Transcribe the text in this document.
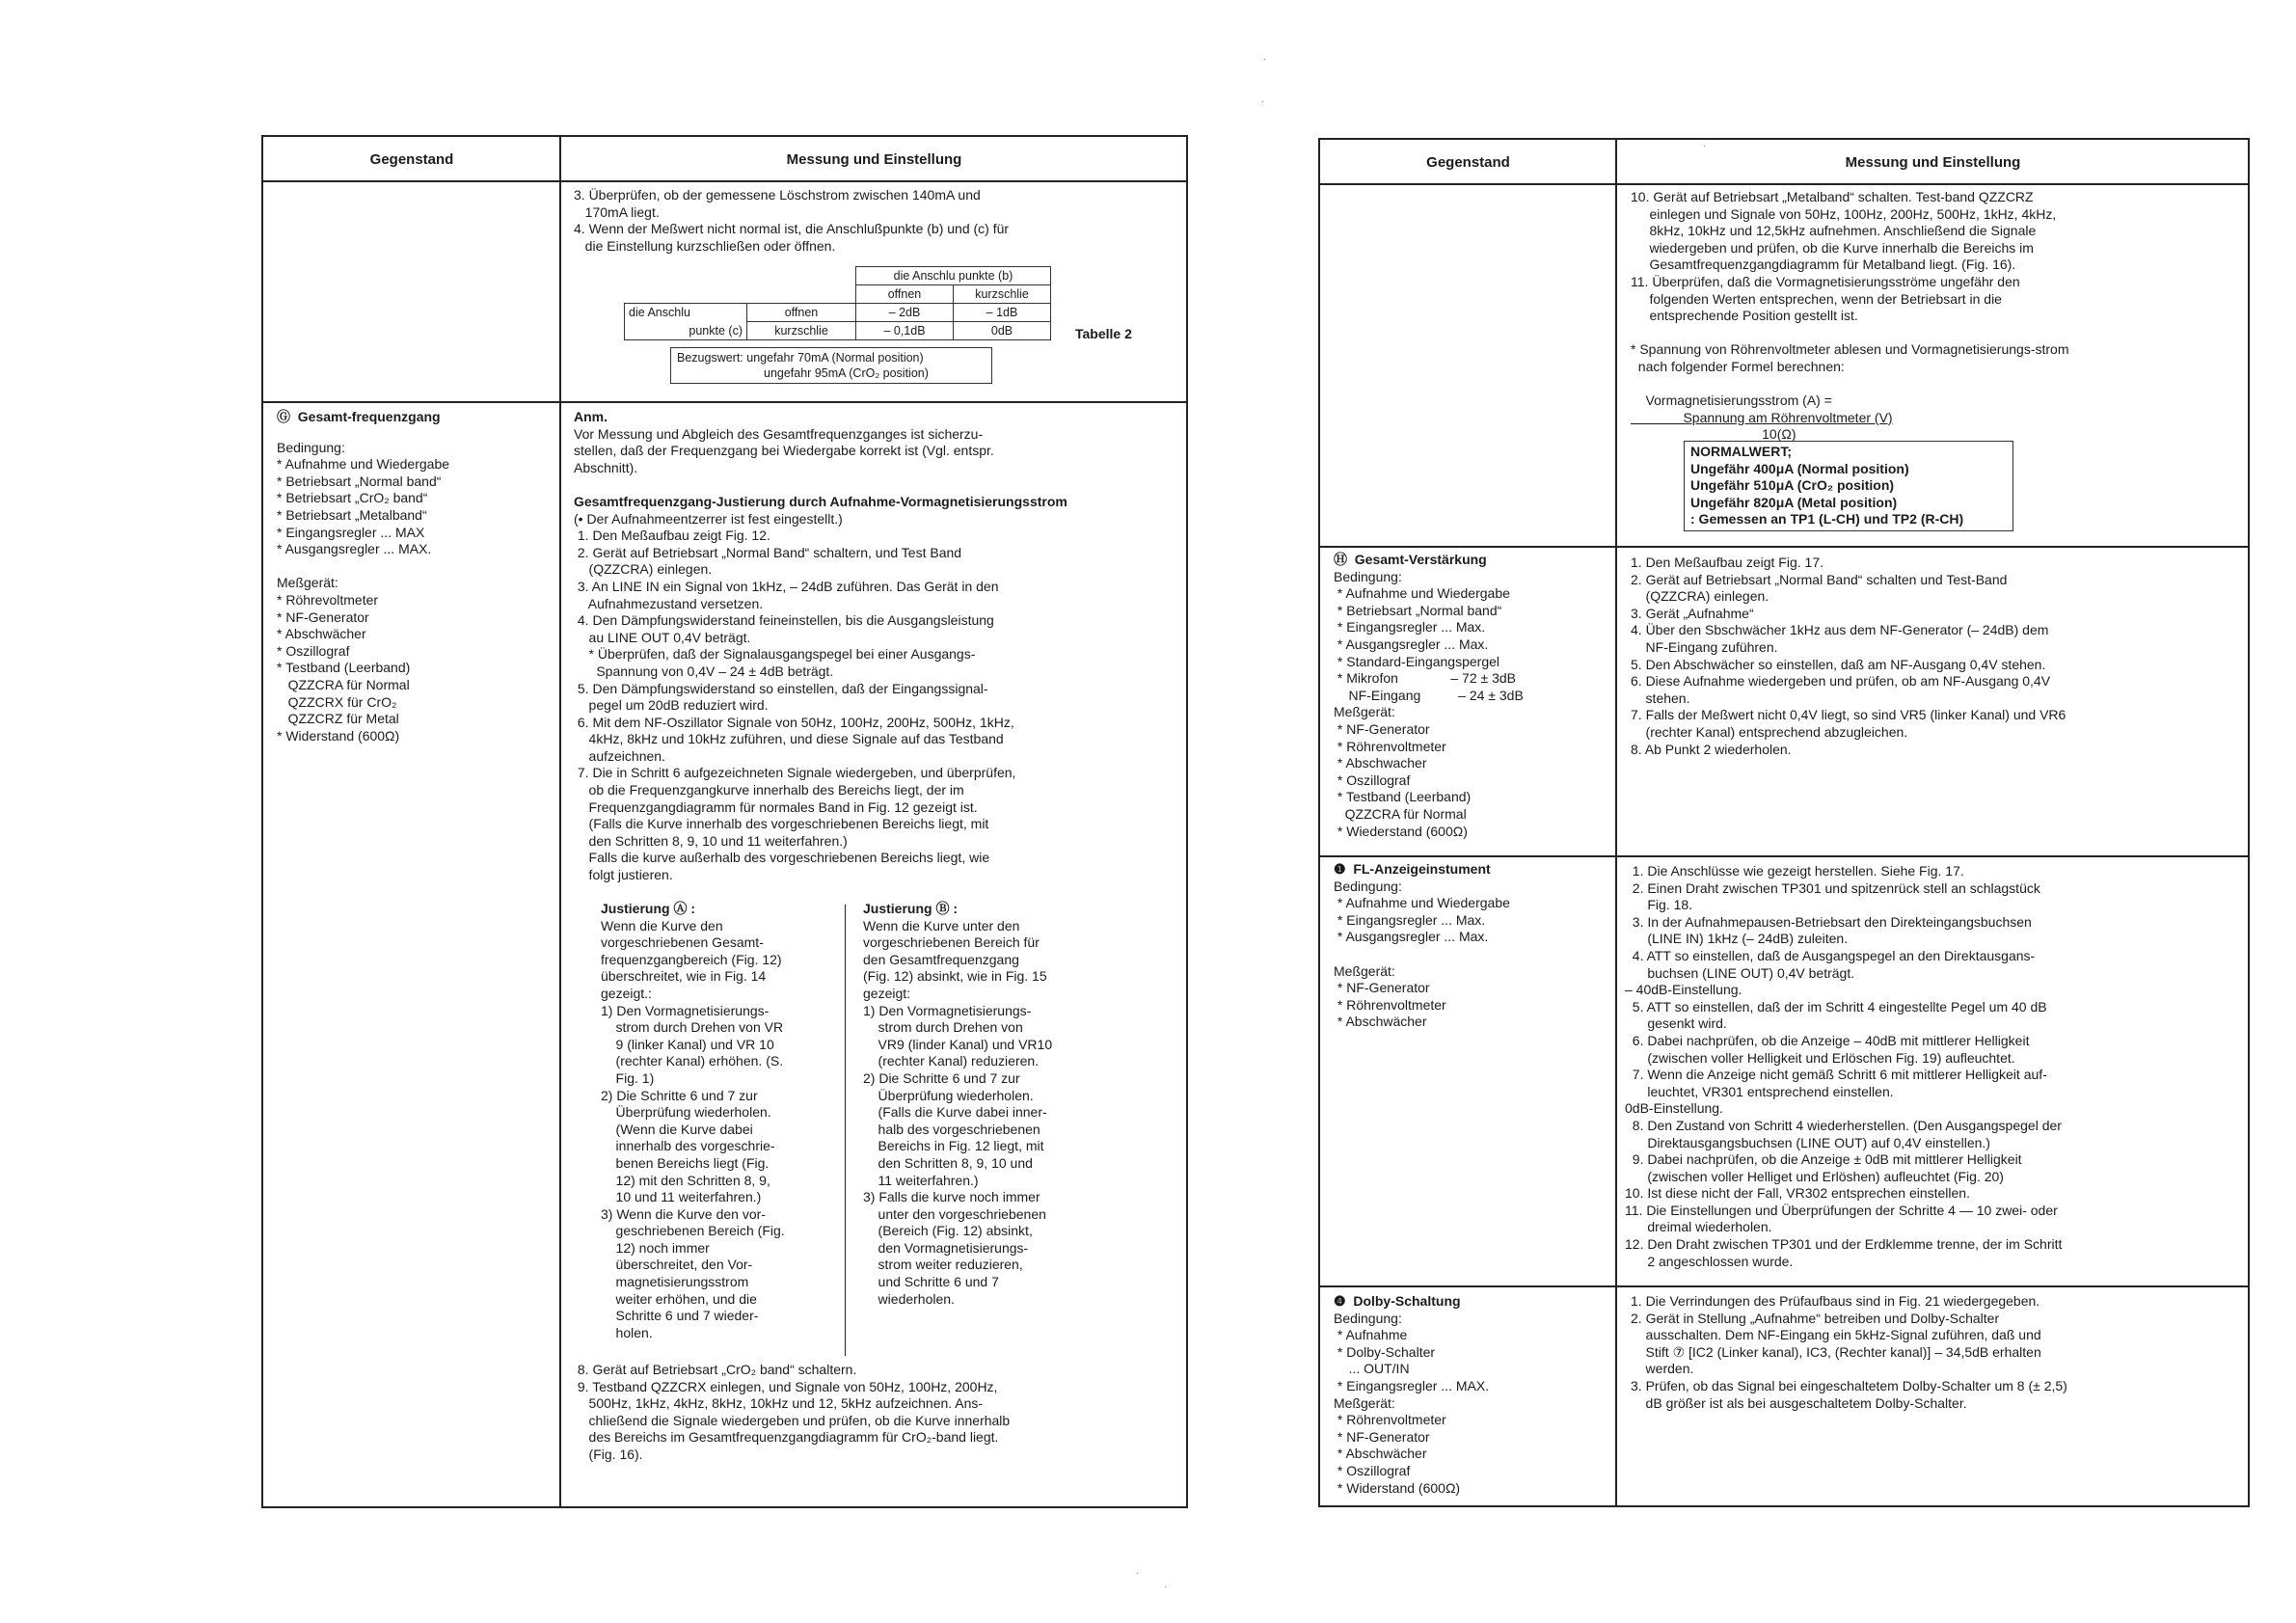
Gegenstand	Messung und Einstellung
3. Überprüfen, ob der gemessene Löschstrom zwischen 140mA und
170mA liegt.
4. Wenn der Meßwert nicht normal ist, die Anschlußpunkte (b) und (c) für
die Einstellung kurzschließen oder öffnen.
		die Anschlu punkte (b)	
		offnen	kurzschlie
die Anschlu	offnen	– 2dB	– 1dB
punkte (c)	kurzschlie	– 0,1dB	0dB	Tabelle 2
Bezugswert: ungefahr 70mA (Normal position)
ungefahr 95mA (CrO₂ position)
Ⓖ  Gesamt-frequenzgang
Bedingung:
* Aufnahme und Wiedergabe
* Betriebsart „Normal band“
* Betriebsart „CrO₂ band“
* Betriebsart „Metalband“
* Eingangsregler ... MAX
* Ausgangsregler ... MAX.

Meßgerät:
* Röhrevoltmeter
* NF-Generator
* Abschwächer
* Oszillograf
* Testband (Leerband)
QZZCRA für Normal
QZZCRX für CrO₂
QZZCRZ für Metal
* Widerstand (600Ω)
Anm.
Vor Messung und Abgleich des Gesamtfrequenzganges ist sicherzu-
stellen, daß der Frequenzgang bei Wiedergabe korrekt ist (Vgl. entspr.
Abschnitt).

Gesamtfrequenzgang-Justierung durch Aufnahme-Vormagnetisierungsstrom
(• Der Aufnahmeentzerrer ist fest eingestellt.)
1. Den Meßaufbau zeigt Fig. 12.
2. Gerät auf Betriebsart „Normal Band“ schaltern, und Test Band
(QZZCRA) einlegen.
3. An LINE IN ein Signal von 1kHz, – 24dB zuführen. Das Gerät in den
Aufnahmezustand versetzen.
4. Den Dämpfungswiderstand feineinstellen, bis die Ausgangsleistung
au LINE OUT 0,4V beträgt.
* Überprüfen, daß der Signalausgangspegel bei einer Ausgangs-
Spannung von 0,4V – 24 ± 4dB beträgt.
5. Den Dämpfungswiderstand so einstellen, daß der Eingangssignal-
pegel um 20dB reduziert wird.
6. Mit dem NF-Oszillator Signale von 50Hz, 100Hz, 200Hz, 500Hz, 1kHz,
4kHz, 8kHz und 10kHz zuführen, und diese Signale auf das Testband
aufzeichnen.
7. Die in Schritt 6 aufgezeichneten Signale wiedergeben, und überprüfen,
ob die Frequenzgangkurve innerhalb des Bereichs liegt, der im
Frequenzgangdiagramm für normales Band in Fig. 12 gezeigt ist.
(Falls die Kurve innerhalb des vorgeschriebenen Bereichs liegt, mit
den Schritten 8, 9, 10 und 11 weiterfahren.)
Falls die kurve außerhalb des vorgeschriebenen Bereichs liegt, wie
folgt justieren.
Justierung Ⓐ :
Wenn die Kurve den
vorgeschriebenen Gesamt-
frequenzgangbereich (Fig. 12)
überschreitet, wie in Fig. 14
gezeigt.:
1) Den Vormagnetisierungs-
strom durch Drehen von VR
9 (linker Kanal) und VR 10
(rechter Kanal) erhöhen. (S.
Fig. 1)
2) Die Schritte 6 und 7 zur
Überprüfung wiederholen.
(Wenn die Kurve dabei
innerhalb des vorgeschrie-
benen Bereichs liegt (Fig.
12) mit den Schritten 8, 9,
10 und 11 weiterfahren.)
3) Wenn die Kurve den vor-
geschriebenen Bereich (Fig.
12) noch immer
überschreitet, den Vor-
magnetisierungsstrom
weiter erhöhen, und die
Schritte 6 und 7 wieder-
holen.
Justierung Ⓑ :
Wenn die Kurve unter den
vorgeschriebenen Bereich für
den Gesamtfrequenzgang
(Fig. 12) absinkt, wie in Fig. 15
gezeigt:
1) Den Vormagnetisierungs-
strom durch Drehen von
VR9 (linder Kanal) und VR10
(rechter Kanal) reduzieren.
2) Die Schritte 6 und 7 zur
Überprüfung wiederholen.
(Falls die Kurve dabei inner-
halb des vorgeschriebenen
Bereichs in Fig. 12 liegt, mit
den Schritten 8, 9, 10 und
11 weiterfahren.)
3) Falls die kurve noch immer
unter den vorgeschriebenen
(Bereich (Fig. 12) absinkt,
den Vormagnetisierungs-
strom weiter reduzieren,
und Schritte 6 und 7
wiederholen.
8. Gerät auf Betriebsart „CrO₂ band“ schaltern.
9. Testband QZZCRX einlegen, und Signale von 50Hz, 100Hz, 200Hz,
500Hz, 1kHz, 4kHz, 8kHz, 10kHz und 12, 5kHz aufzeichnen. Ans-
chließend die Signale wiedergeben und prüfen, ob die Kurve innerhalb
des Bereichs im Gesamtfrequenzgangdiagramm für CrO₂-band liegt.
(Fig. 16).
Gegenstand	Messung und Einstellung
10. Gerät auf Betriebsart „Metalband“ schalten. Test-band QZZCRZ
einlegen und Signale von 50Hz, 100Hz, 200Hz, 500Hz, 1kHz, 4kHz,
8kHz, 10kHz und 12,5kHz aufnehmen. Anschließend die Signale
wiedergeben und prüfen, ob die Kurve innerhalb die Bereichs im
Gesamtfrequenzgangdiagramm für Metalband liegt. (Fig. 16).
11. Überprüfen, daß die Vormagnetisierungsströme ungefähr den
folgenden Werten entsprechen, wenn der Betriebsart in die
entsprechende Position gestellt ist.

* Spannung von Röhrenvoltmeter ablesen und Vormagnetisierungs-strom
nach folgender Formel berechnen:

Vormagnetisierungsstrom (A) =
Spannung am Röhrenvoltmeter (V)
10(Ω)
NORMALWERT;
Ungefähr 400μA (Normal position)
Ungefähr 510μA (CrO₂ position)
Ungefähr 820μA (Metal position)
: Gemessen an TP1 (L-CH) und TP2 (R-CH)
Ⓗ  Gesamt-Verstärkung
Bedingung:
* Aufnahme und Wiedergabe
* Betriebsart „Normal band“
* Eingangsregler ... Max.
* Ausgangsregler ... Max.
* Standard-Eingangspergel
* Mikrofon              – 72 ± 3dB
NF-Eingang          – 24 ± 3dB
Meßgerät:
* NF-Generator
* Röhrenvoltmeter
* Abschwacher
* Oszillograf
* Testband (Leerband)
QZZCRA für Normal
* Wiederstand (600Ω)
1. Den Meßaufbau zeigt Fig. 17.
2. Gerät auf Betriebsart „Normal Band“ schalten und Test-Band
(QZZCRA) einlegen.
3. Gerät „Aufnahme“
4. Über den Sbschwächer 1kHz aus dem NF-Generator (– 24dB) dem
NF-Eingang zuführen.
5. Den Abschwächer so einstellen, daß am NF-Ausgang 0,4V stehen.
6. Diese Aufnahme wiedergeben und prüfen, ob am NF-Ausgang 0,4V
stehen.
7. Falls der Meßwert nicht 0,4V liegt, so sind VR5 (linker Kanal) und VR6
(rechter Kanal) entsprechend abzugleichen.
8. Ab Punkt 2 wiederholen.
❶  FL-Anzeigeinstument
Bedingung:
* Aufnahme und Wiedergabe
* Eingangsregler ... Max.
* Ausgangsregler ... Max.

Meßgerät:
* NF-Generator
* Röhrenvoltmeter
* Abschwächer
1. Die Anschlüsse wie gezeigt herstellen. Siehe Fig. 17.
2. Einen Draht zwischen TP301 und spitzenrück stell an schlagstück
Fig. 18.
3. In der Aufnahmepausen-Betriebsart den Direkteingangsbuchsen
(LINE IN) 1kHz (– 24dB) zuleiten.
4. ATT so einstellen, daß de Ausgangspegel an den Direktausgans-
buchsen (LINE OUT) 0,4V beträgt.
– 40dB-Einstellung.
5. ATT so einstellen, daß der im Schritt 4 eingestellte Pegel um 40 dB
gesenkt wird.
6. Dabei nachprüfen, ob die Anzeige – 40dB mit mittlerer Helligkeit
(zwischen voller Helligkeit und Erlöschen Fig. 19) aufleuchtet.
7. Wenn die Anzeige nicht gemäß Schritt 6 mit mittlerer Helligkeit auf-
leuchtet, VR301 entsprechend einstellen.
0dB-Einstellung.
8. Den Zustand von Schritt 4 wiederherstellen. (Den Ausgangspegel der
Direktausgangsbuchsen (LINE OUT) auf 0,4V einstellen.)
9. Dabei nachprüfen, ob die Anzeige ± 0dB mit mittlerer Helligkeit
(zwischen voller Helliget und Erlöshen) aufleuchtet (Fig. 20)
10. Ist diese nicht der Fall, VR302 entsprechen einstellen.
11. Die Einstellungen und Überprüfungen der Schritte 4 — 10 zwei- oder
dreimal wiederholen.
12. Den Draht zwischen TP301 und der Erdklemme trenne, der im Schritt
2 angeschlossen wurde.
❹  Dolby-Schaltung
Bedingung:
* Aufnahme
* Dolby-Schalter
... OUT/IN
* Eingangsregler ... MAX.
Meßgerät:
* Röhrenvoltmeter
* NF-Generator
* Abschwächer
* Oszillograf
* Widerstand (600Ω)
1. Die Verrindungen des Prüfaufbaus sind in Fig. 21 wiedergegeben.
2. Gerät in Stellung „Aufnahme“ betreiben und Dolby-Schalter
ausschalten. Dem NF-Eingang ein 5kHz-Signal zuführen, daß und
Stift ⑦ [IC2 (Linker kanal), IC3, (Rechter kanal)] – 34,5dB erhalten
werden.
3. Prüfen, ob das Signal bei eingeschaltetem Dolby-Schalter um 8 (± 2,5)
dB größer ist als bei ausgeschaltetem Dolby-Schalter.
·
·
·
·
·
